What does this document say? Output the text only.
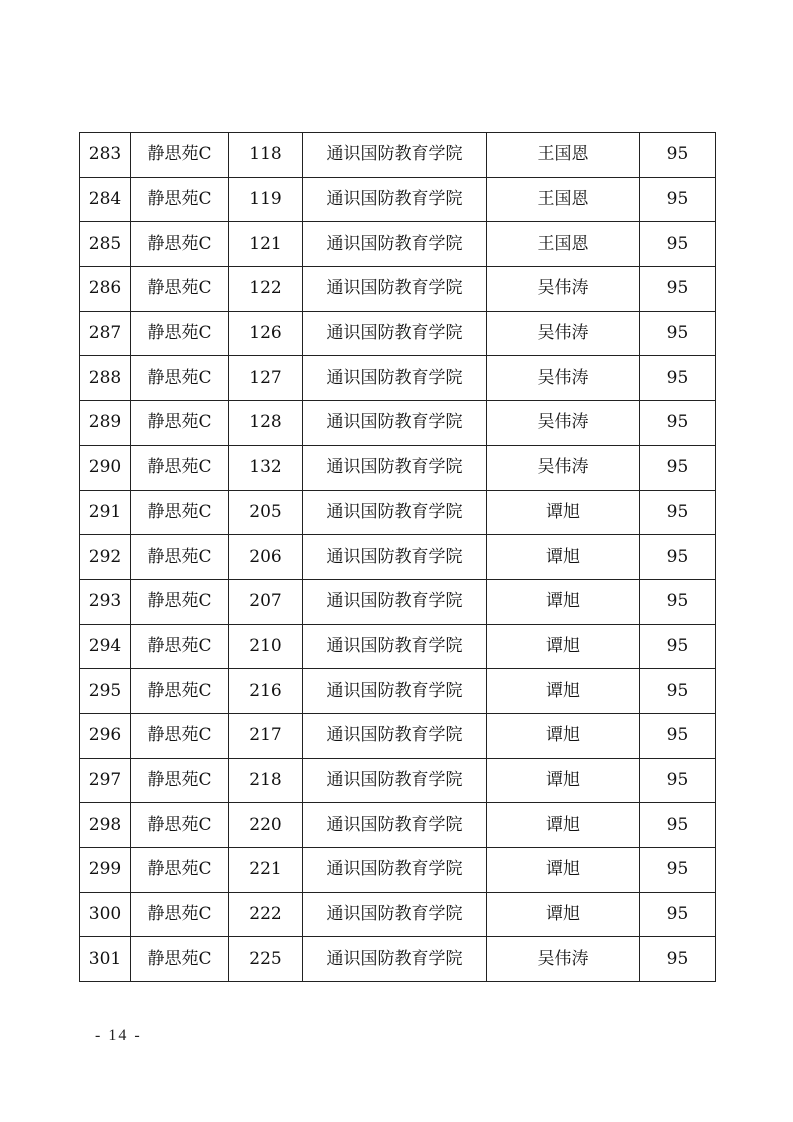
283	静思苑C	118	通识国防教育学院	王国恩	95
284	静思苑C	119	通识国防教育学院	王国恩	95
285	静思苑C	121	通识国防教育学院	王国恩	95
286	静思苑C	122	通识国防教育学院	吴伟涛	95
287	静思苑C	126	通识国防教育学院	吴伟涛	95
288	静思苑C	127	通识国防教育学院	吴伟涛	95
289	静思苑C	128	通识国防教育学院	吴伟涛	95
290	静思苑C	132	通识国防教育学院	吴伟涛	95
291	静思苑C	205	通识国防教育学院	谭旭	95
292	静思苑C	206	通识国防教育学院	谭旭	95
293	静思苑C	207	通识国防教育学院	谭旭	95
294	静思苑C	210	通识国防教育学院	谭旭	95
295	静思苑C	216	通识国防教育学院	谭旭	95
296	静思苑C	217	通识国防教育学院	谭旭	95
297	静思苑C	218	通识国防教育学院	谭旭	95
298	静思苑C	220	通识国防教育学院	谭旭	95
299	静思苑C	221	通识国防教育学院	谭旭	95
300	静思苑C	222	通识国防教育学院	谭旭	95
301	静思苑C	225	通识国防教育学院	吴伟涛	95
- 14 -
